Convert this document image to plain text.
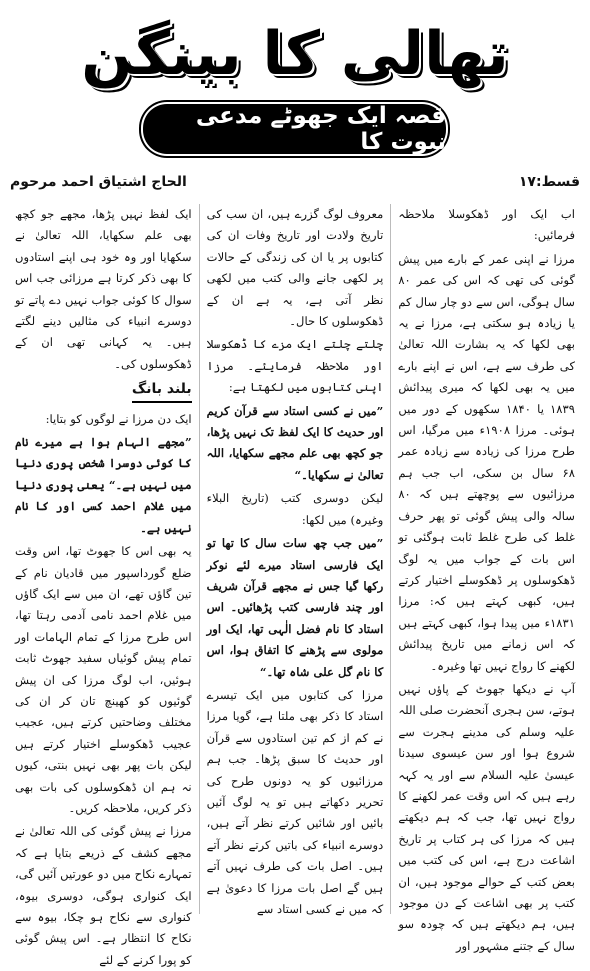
تھالی کا بینگن
قصہ ایک جھوٹے مدعی نبوت کا
قسط:۱۷
الحاج اشتیاق احمد مرحوم

اب ایک اور ڈھکوسلا ملاحظہ فرمائیں:

مرزا نے اپنی عمر کے بارے میں پیش گوئی کی تھی کہ اس کی عمر ۸۰ سال ہوگی، اس سے دو چار سال کم یا زیادہ ہو سکتی ہے، مرزا نے یہ بھی لکھا کہ یہ بشارت اللہ تعالیٰ کی طرف سے ہے، اس نے اپنے بارے میں یہ بھی لکھا کہ میری پیدائش ۱۸۳۹ یا ۱۸۴۰ سکھوں کے دور میں ہوئی۔ مرزا ۱۹۰۸ء میں مرگیا، اس طرح مرزا کی زیادہ سے زیادہ عمر ۶۸ سال بن سکی، اب جب ہم مرزائیوں سے پوچھتے ہیں کہ ۸۰ سالہ والی پیش گوئی تو پھر حرف غلط کی طرح غلط ثابت ہوگئی تو اس بات کے جواب میں یہ لوگ ڈھکوسلوں پر ڈھکوسلے اختیار کرتے ہیں، کبھی کہتے ہیں کہ: مرزا ۱۸۳۱ء میں پیدا ہوا، کبھی کہتے ہیں کہ اس زمانے میں تاریخ پیدائش لکھنے کا رواج نہیں تھا وغیرہ۔

آپ نے دیکھا جھوٹ کے پاؤں نہیں ہوتے، سن ہجری آنحضرت صلی اللہ علیہ وسلم کی مدینے ہجرت سے شروع ہوا اور سن عیسوی سیدنا عیسیٰ علیہ السلام سے اور یہ کہہ رہے ہیں کہ اس وقت عمر لکھنے کا رواج نہیں تھا، جب کہ ہم دیکھتے ہیں کہ مرزا کی ہر کتاب پر تاریخ اشاعت درج ہے، اس کی کتب میں بعض کتب کے حوالے موجود ہیں، ان کتب پر بھی اشاعت کے دن موجود ہیں، ہم دیکھتے ہیں کہ چودہ سو سال کے جتنے مشہور اور

معروف لوگ گزرے ہیں، ان سب کی تاریخ ولادت اور تاریخ وفات ان کی کتابوں پر یا ان کی زندگی کے حالات پر لکھی جانے والی کتب میں لکھی نظر آتی ہے، یہ ہے ان کے ڈھکوسلوں کا حال۔

چلتے چلتے ایک مزے کا ڈھکوسلا اور ملاحظہ فرمایئے۔ مرزا اپنی کتابوں میں لکھتا ہے:

”میں نے کسی استاد سے قرآن کریم اور حدیث کا ایک لفظ تک نہیں پڑھا، جو کچھ بھی علم مجھے سکھایا، اللہ تعالیٰ نے سکھایا۔“

لیکن دوسری کتب (تاریخ البلاء وغیرہ) میں لکھا:

”میں جب چھ سات سال کا تھا تو ایک فارسی استاد میرے لئے نوکر رکھا گیا جس نے مجھے قرآن شریف اور چند فارسی کتب پڑھائیں۔ اس استاد کا نام فضل الٰہی تھا، ایک اور مولوی سے پڑھنے کا اتفاق ہوا، اس کا نام گل علی شاہ تھا۔“

مرزا کی کتابوں میں ایک تیسرے استاد کا ذکر بھی ملتا ہے، گویا مرزا نے کم از کم تین استادوں سے قرآن اور حدیث کا سبق پڑھا۔ جب ہم مرزائیوں کو یہ دونوں طرح کی تحریر دکھاتے ہیں تو یہ لوگ آئیں بائیں اور شائیں کرتے نظر آتے ہیں، دوسرے انبیاء کی باتیں کرتے نظر آتے ہیں۔ اصل بات کی طرف نہیں آتے ہیں گے اصل بات مرزا کا دعویٰ ہے کہ میں نے کسی استاد سے

ایک لفظ نہیں پڑھا، مجھے جو کچھ بھی علم سکھایا، اللہ تعالیٰ نے سکھایا اور وہ خود ہی اپنے استادوں کا بھی ذکر کرتا ہے مرزائی جب اس سوال کا کوئی جواب نہیں دے پاتے تو دوسرے انبیاء کی مثالیں دینے لگتے ہیں۔ یہ کہانی تھی ان کے ڈھکوسلوں کی۔

بلند بانگ

ایک دن مرزا نے لوگوں کو بتایا:

”مجھے الہام ہوا ہے میرے نام کا کوئی دوسرا شخص پوری دنیا میں نہیں ہے۔“ یعنی پوری دنیا میں غلام احمد کسی اور کا نام نہیں ہے۔

یہ بھی اس کا جھوٹ تھا، اس وقت ضلع گورداسپور میں قادیان نام کے تین گاؤں تھے، ان میں سے ایک گاؤں میں غلام احمد نامی آدمی رہتا تھا، اس طرح مرزا کے تمام الہامات اور تمام پیش گوئیاں سفید جھوٹ ثابت ہوئیں، اب لوگ مرزا کی ان پیش گوئیوں کو کھینچ تان کر ان کی مختلف وضاحتیں کرتے ہیں، عجیب عجیب ڈھکوسلے اختیار کرتے ہیں لیکن بات پھر بھی نہیں بنتی، کیوں نہ ہم ان ڈھکوسلوں کی بات بھی ذکر کریں، ملاحظہ کریں۔

مرزا نے پیش گوئی کی اللہ تعالیٰ نے مجھے کشف کے ذریعے بتایا ہے کہ تمہارے نکاح میں دو عورتیں آئیں گی، ایک کنواری ہوگی، دوسری بیوہ، کنواری سے نکاح ہو چکا، بیوہ سے نکاح کا انتظار ہے۔ اس پیش گوئی کو پورا کرنے کے لئے
